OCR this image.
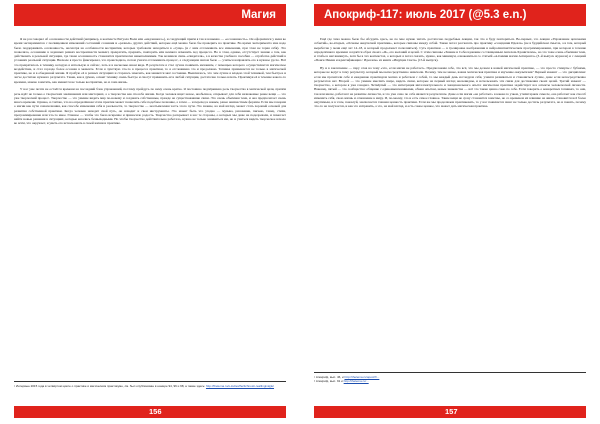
Магия

Я не раз говорил об осознанности действий (например, в контексте Ритуала Воли или «медленного»), и следующий приём я так и называю — «осознанность». Он оформлялся у меня во время экспериментов с посвящением изменений состояний сознания и «разных» других действий, которые ещё можно было бы проверить на практике. Во время эксперимента мне надо было поддерживать осознанность, несмотря на особенности восприятия, которые требовали находиться в «гуще» (и с ним отслеживать все изменения, при этом не теряя себя). Это позволяло, осознанию в заданных рамках воспроизвести момент, прекратить, прервать, повторить или немного изменить ход процесса. Но в этом, однако, отсутствует знание о том, как действовать в реальной ситуации, где такая осознанность становится практически невыполнимым. Так возникла связь «свидетеля», а в качестве учебного пособия — отработка действий в условиях реальной ситуации. Вначале я просто фиксировал, что происходило, потом учился отслеживать процесс, а следующим шагом было — учиться направлять его в нужное русло. Всё это превратилось в технику, которую я использую и сейчас, хоть и в несколько ином виде. В результате я стал лучше понимать механизм, с помощью которого осуществляется магическое воздействие, и стал гораздо более осознан в моменте. Если я чувствую что-то в процессе практики, то я отслеживаю это и продолжаю. Техника применяется не только в магической практике, но и в обыденной жизни. Я пробую её в разных ситуациях и стараюсь замечать, как меняется моё состояние. Выяснилось, что чем лучше я владею этой техникой, тем быстрее и легче достигаю нужного результата. Такие, как я думаю, освоят технику очень быстро и смогут применить её в любой ситуации, достаточно только начать. Практикуя её в течение какого-то времени, можно заметить, как меняется не только восприятие, но и сама жизнь.

У нас уже почти не остаётся времени на последний блок упражнений, поэтому пройдусь по нему очень кратко. Я постоянно подчёркиваю роль творчества в магической цели, причём речь идёт не только о творческих заклинаниях или мистериях, а о творчестве как способе жизни. Когда человек ищет новое, необычное, открывает для себя незнакомые ранее вещи — это уже творческий процесс. Творчество — это умение видеть мир по-новому и создавать собственные, прежде не существовавшие связи. Это очень объёмная тема, и она предполагает очень много времени. Однако, я считаю, что на определённом этапе практик может позволить себе подобное познание, а затем — и переход к новым, ранее неизвестным формам. Если мы говорим о магии как пути самопознания, как способе изменения себя и реальности, то творчество — неотъемлемая часть этого пути. Это знание, на мой взгляд, может стать хорошей основой для развития собственной практики. Когда человек находит свой путь, он находит и свои инструменты. Это может быть что угодно — музыка, рисование, письмо, танец, стихи, программирование или что-то иное. Главное — чтобы это было искренне и приносило радость. Творчество раскрывает в нас те стороны, о которых мы даже не подозревали, и помогает найти новые решения в ситуациях, которые казались безвыходными. Но чтобы творчество действительно работало, нужно не только заниматься им, но и учиться видеть творческое начало во всём, что окружает, и уметь его использовать в своей жизни и практике.

¹ Интервью 2015 года в четвёртом цикле о практике и магическом практикуме, см. был опубликован в номере 94, 96 и 98, а также здесь: http://thelema.ru/o-kultesfhe/lichnosti-reallinginiqjle/

156
Апокриф-117: июль 2017 (@5.3 e.n.)

Ещё где тема можно было бы обсудить здесь, но по мне нужно читать достаточно подробные лекции, так что я буду повторяться. Во-первых, это лекция «Управление цепочками событий», во-вторых, «Основы оккультной практики», которые связаны между собой. Также хотел рассказать про практику «созидания Идеала» (не в буддийском смысле, а в том, который выработан у меня ещё лет 14–18, и который продолжает пополняться). Суть практики — в тренировке воображения и нейролингвистическом программировании, при котором в течение определённого времени создаётся образ своего «Я», его желаний и целей. С этим связаны «Знание и Собеседование со Священным Ангелом-Хранителем», но это тоже очень объёмная тема, и чтобы в неё вникнуть, хотя бы в тех контекстах, о которых я хотел сказать, нужно, как минимум, ознакомиться со статьёй «Алхимия магии Аспиранта» (3–й выпуск журнала) и с лекцией «Поиск Имени и идентификация с Идеалом» из книги «Ищущие Света» (15-й выпуск).

Ну и в заключение — пару слов на тему «что, если магия не работает». Предположим себе, что всё, что мы делаем в нашей магической практике, — это просто стимулы с бубнами, которые не ведут к тому результату, который мы непосредственно намечали. Почему, тем не менее, важна магическая практика и изучение оккультизма? Первый момент — это дисциплина: если мы прочитали себе и ежедневно практикуем магию и работаем с собой, то мы каждый день исследуем себя, учимся развиваться и становиться лучше, даже если непосредственно результатов нет. Второй — это умение мыслить шире, видеть связи, которые на первый взгляд неочевидны, и использовать эти связи для достижения своих целей. Третий момент — творчество, о котором я уже говорил. Четвёртый — это интеграция интеллектуального и эмоционального опыта: магическая практика задействует все аспекты человеческой личности. Наконец, пятый — это сообщество: общение с единомышленниками, обмен опытом, новые знакомства — всё это также ценно само по себе. Если говорить о конкретных техниках, то они, так или иначе, работают на развитие личности, и это уже само по себе является результатом. Даже если магия «не работает» в каком-то узком, утилитарном смысле, она работает как способ изменить себя, свою жизнь и отношение к миру. И, по-моему, это и есть самое главное. Такие вещи не сразу становятся заметны, но со временем их влияние на жизнь становится всё более ощутимым, и в этом, пожалуй, заключается главная ценность практики. Если же мы продолжаем практиковать, то у нас появляется шанс не только достичь результата, но и понять, почему что-то не получается, и как это исправить, а это, на мой взгляд, и есть самое ценное, что может дать магическая практика.

¹ Апокриф, вып. 46, и http://thelema.ru/apocrif/...

² Апокриф, вып. 91 и http://thelema.ru/...

157
